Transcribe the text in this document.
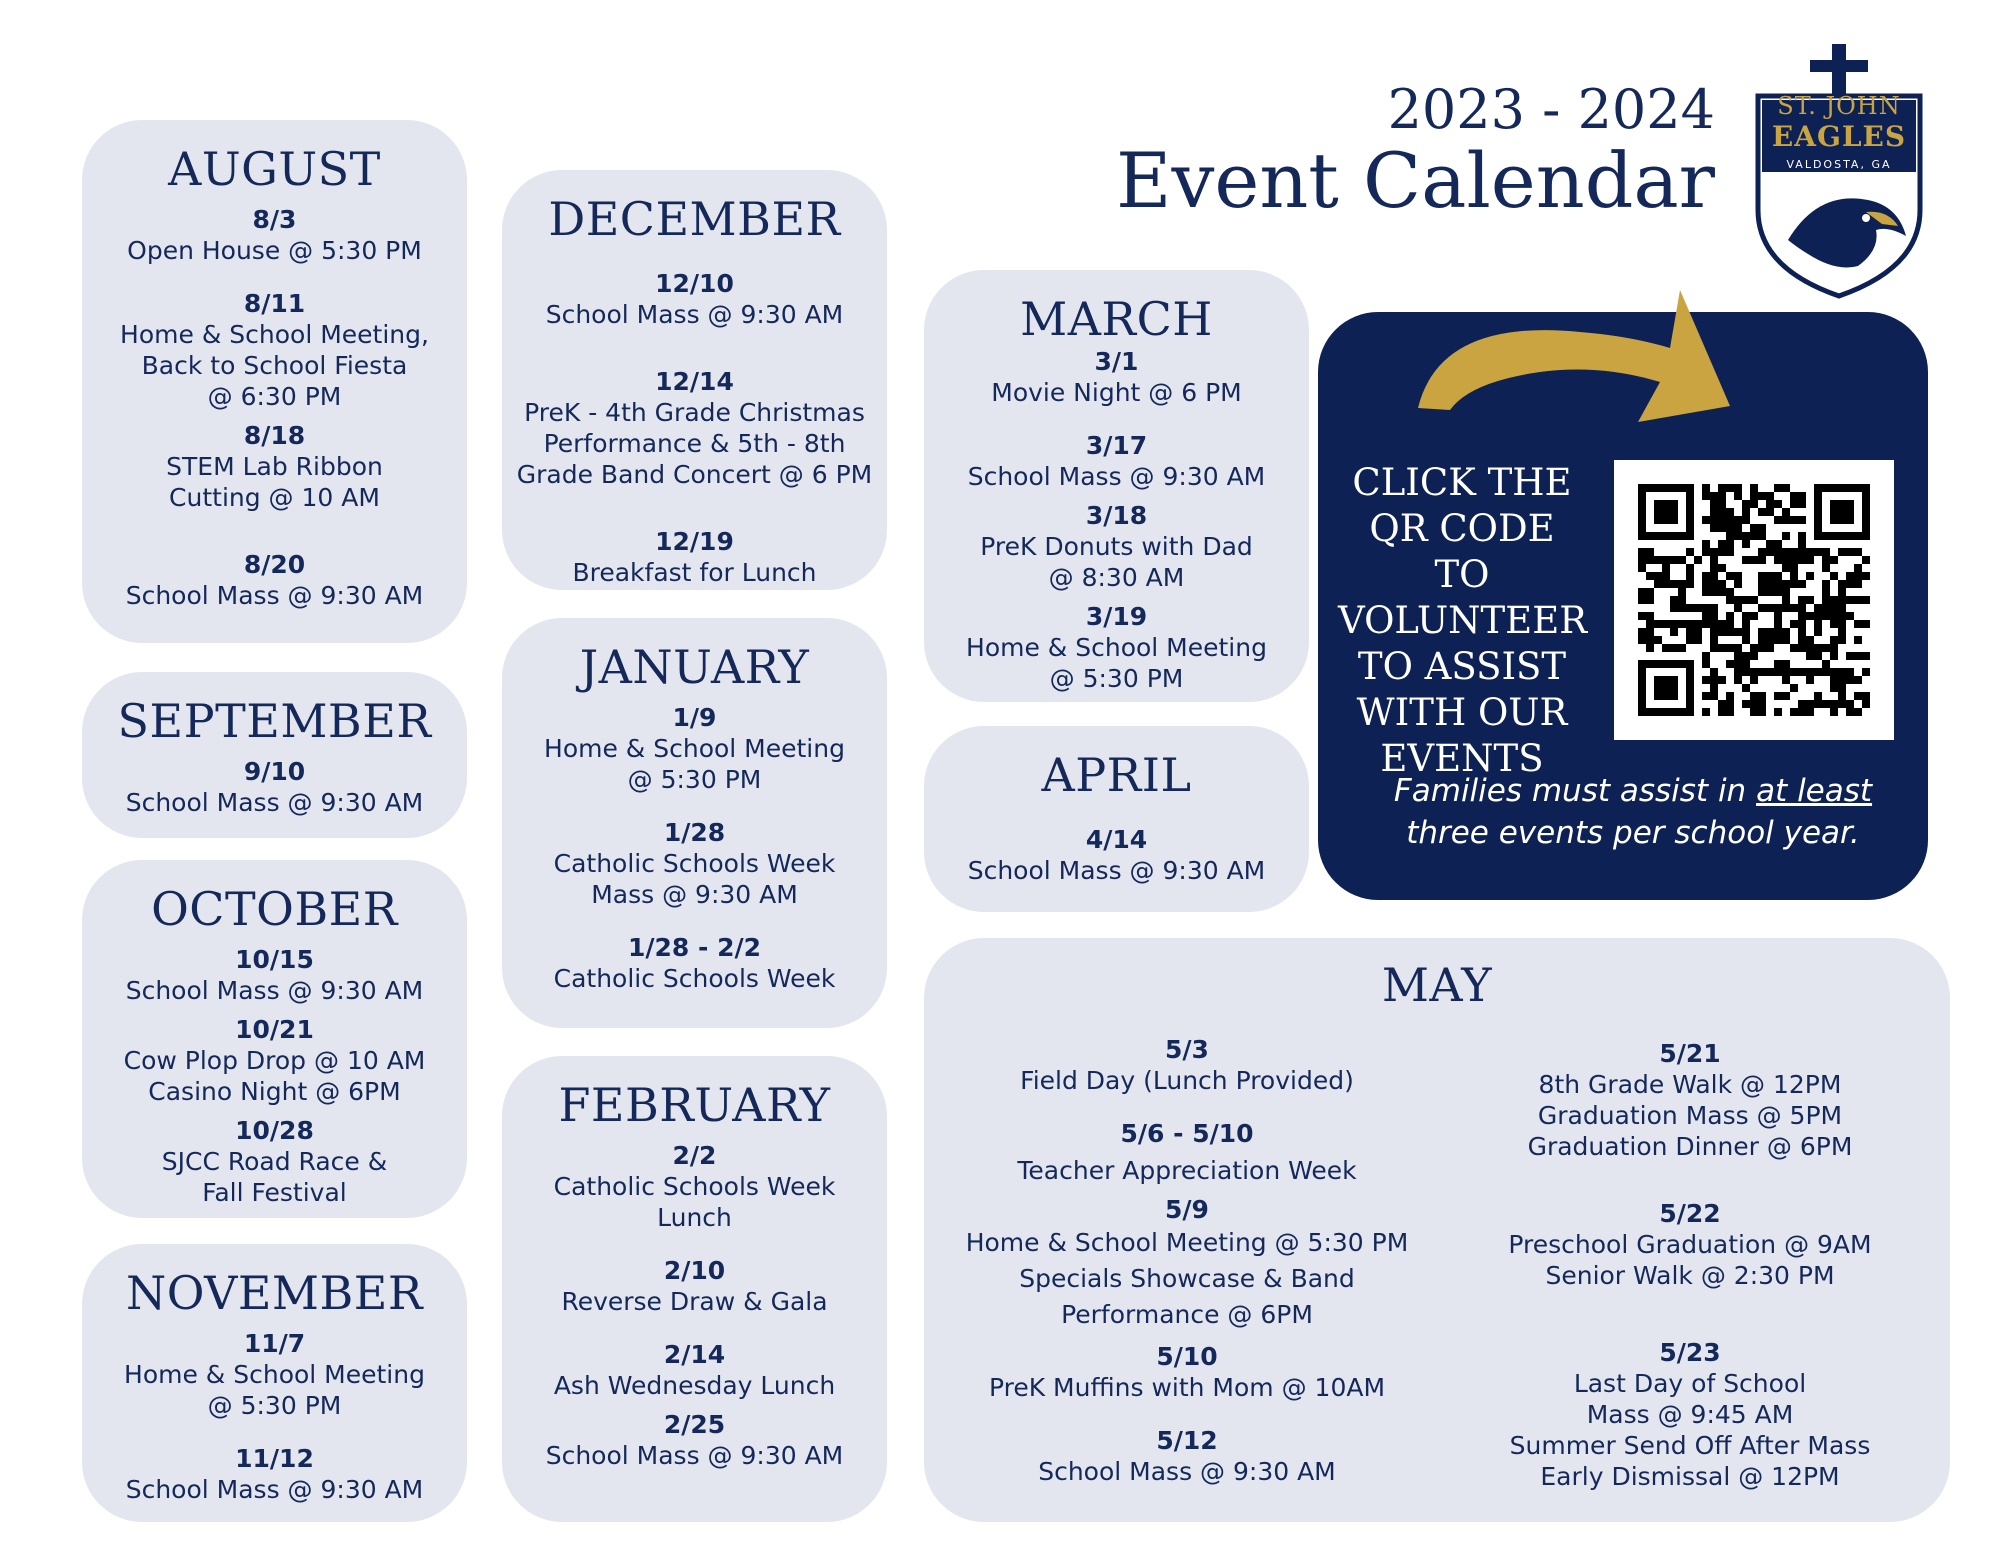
2023 - 2024
Event Calendar
ST. JOHN
EAGLES
VALDOSTA, GA
AUGUST
8/3
Open House @ 5:30 PM
8/11
Home & School Meeting,
Back to School Fiesta
@ 6:30 PM
8/18
STEM Lab Ribbon
Cutting @ 10 AM
8/20
School Mass @ 9:30 AM
SEPTEMBER
9/10
School Mass @ 9:30 AM
OCTOBER
10/15
School Mass @ 9:30 AM
10/21
Cow Plop Drop @ 10 AM
Casino Night @ 6PM
10/28
SJCC Road Race &
Fall Festival
NOVEMBER
11/7
Home & School Meeting
@ 5:30 PM
11/12
School Mass @ 9:30 AM
DECEMBER
12/10
School Mass @ 9:30 AM
12/14
PreK - 4th Grade Christmas
Performance & 5th - 8th
Grade Band Concert @ 6 PM
12/19
Breakfast for Lunch
JANUARY
1/9
Home & School Meeting
@ 5:30 PM
1/28
Catholic Schools Week
Mass @ 9:30 AM
1/28 - 2/2
Catholic Schools Week
FEBRUARY
2/2
Catholic Schools Week
Lunch
2/10
Reverse Draw & Gala
2/14
Ash Wednesday Lunch
2/25
School Mass @ 9:30 AM
MARCH
3/1
Movie Night @ 6 PM
3/17
School Mass @ 9:30 AM
3/18
PreK Donuts with Dad
@ 8:30 AM
3/19
Home & School Meeting
@ 5:30 PM
APRIL
4/14
School Mass @ 9:30 AM
CLICK THE
QR CODE TO
VOLUNTEER
TO ASSIST
WITH OUR
EVENTS
Families must assist in at least
three events per school year.
MAY
5/3
Field Day (Lunch Provided)
5/6 - 5/10
Teacher Appreciation Week
5/9
Home & School Meeting @ 5:30 PM
Specials Showcase & Band
Performance @ 6PM
5/10
PreK Muffins with Mom @ 10AM
5/12
School Mass @ 9:30 AM
5/21
8th Grade Walk @ 12PM
Graduation Mass @ 5PM
Graduation Dinner @ 6PM
5/22
Preschool Graduation @ 9AM
Senior Walk @ 2:30 PM
5/23
Last Day of School
Mass @ 9:45 AM
Summer Send Off After Mass
Early Dismissal @ 12PM
